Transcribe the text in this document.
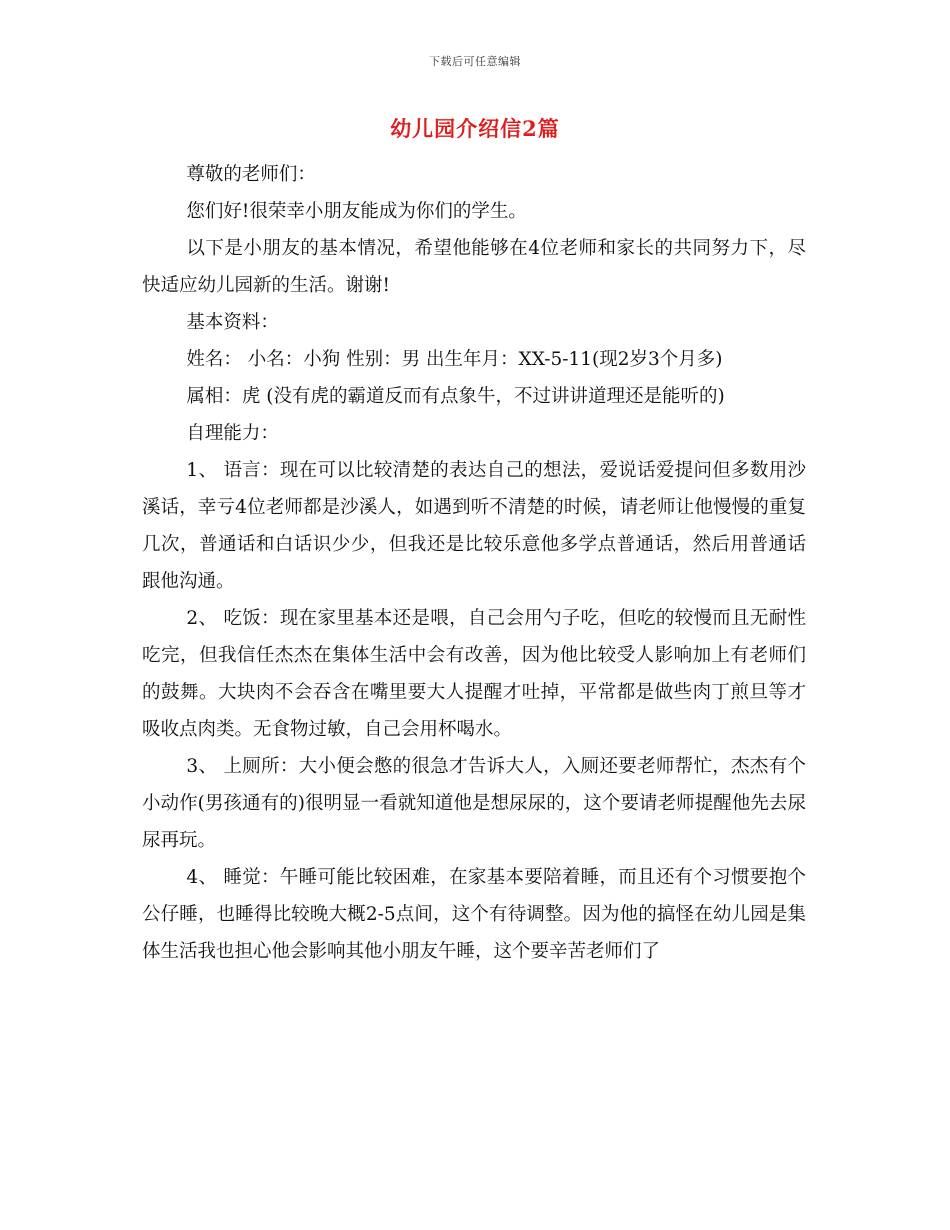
下载后可任意编辑
幼儿园介绍信2篇

尊敬的老师们：

您们好!很荣幸小朋友能成为你们的学生。

以下是小朋友的基本情况，希望他能够在4位老师和家长的共同努力下，尽快适应幼儿园新的生活。谢谢!

基本资料：

姓名： 小名：小狗 性别：男 出生年月：XX-5-11(现2岁3个月多)

属相：虎 (没有虎的霸道反而有点象牛，不过讲讲道理还是能听的)

自理能力：

1、 语言：现在可以比较清楚的表达自己的想法，爱说话爱提问但多数用沙溪话，幸亏4位老师都是沙溪人，如遇到听不清楚的时候，请老师让他慢慢的重复几次，普通话和白话识少少，但我还是比较乐意他多学点普通话，然后用普通话跟他沟通。

2、 吃饭：现在家里基本还是喂，自己会用勺子吃，但吃的较慢而且无耐性吃完，但我信任杰杰在集体生活中会有改善，因为他比较受人影响加上有老师们的鼓舞。大块肉不会吞含在嘴里要大人提醒才吐掉，平常都是做些肉丁煎旦等才吸收点肉类。无食物过敏，自己会用杯喝水。

3、 上厕所：大小便会憋的很急才告诉大人，入厕还要老师帮忙，杰杰有个小动作(男孩通有的)很明显一看就知道他是想尿尿的，这个要请老师提醒他先去尿尿再玩。

4、 睡觉：午睡可能比较困难，在家基本要陪着睡，而且还有个习惯要抱个公仔睡，也睡得比较晚大概2-5点间，这个有待调整。因为他的搞怪在幼儿园是集体生活我也担心他会影响其他小朋友午睡，这个要辛苦老师们了
